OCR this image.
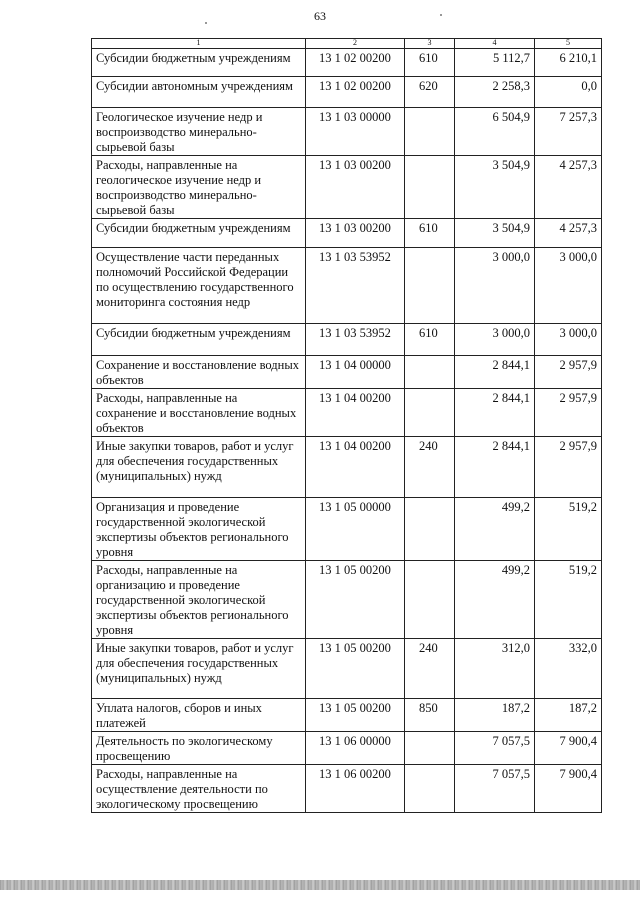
63
1	2	3	4	5
Субсидии бюджетным учреждениям	13 1 02 00200	610	5 112,7	6 210,1
Субсидии автономным учреждениям	13 1 02 00200	620	2 258,3	0,0
Геологическое изучение недр и воспроизводство минерально-сырьевой базы	13 1 03 00000		6 504,9	7 257,3
Расходы, направленные на геологическое изучение недр и воспроизводство минерально-сырьевой базы	13 1 03 00200		3 504,9	4 257,3
Субсидии бюджетным учреждениям	13 1 03 00200	610	3 504,9	4 257,3
Осуществление части переданных полномочий Российской Федерации по осуществлению государственного мониторинга состояния недр	13 1 03 53952		3 000,0	3 000,0
Субсидии бюджетным учреждениям	13 1 03 53952	610	3 000,0	3 000,0
Сохранение и восстановление водных объектов	13 1 04 00000		2 844,1	2 957,9
Расходы, направленные на сохранение и восстановление водных объектов	13 1 04 00200		2 844,1	2 957,9
Иные закупки товаров, работ и услуг для обеспечения государственных (муниципальных) нужд	13 1 04 00200	240	2 844,1	2 957,9
Организация и проведение государственной экологической экспертизы объектов регионального уровня	13 1 05 00000		499,2	519,2
Расходы, направленные на организацию и проведение государственной экологической экспертизы объектов регионального уровня	13 1 05 00200		499,2	519,2
Иные закупки товаров, работ и услуг для обеспечения государственных (муниципальных) нужд	13 1 05 00200	240	312,0	332,0
Уплата налогов, сборов и иных платежей	13 1 05 00200	850	187,2	187,2
Деятельность по экологическому просвещению	13 1 06 00000		7 057,5	7 900,4
Расходы, направленные на осуществление деятельности по экологическому просвещению	13 1 06 00200		7 057,5	7 900,4
